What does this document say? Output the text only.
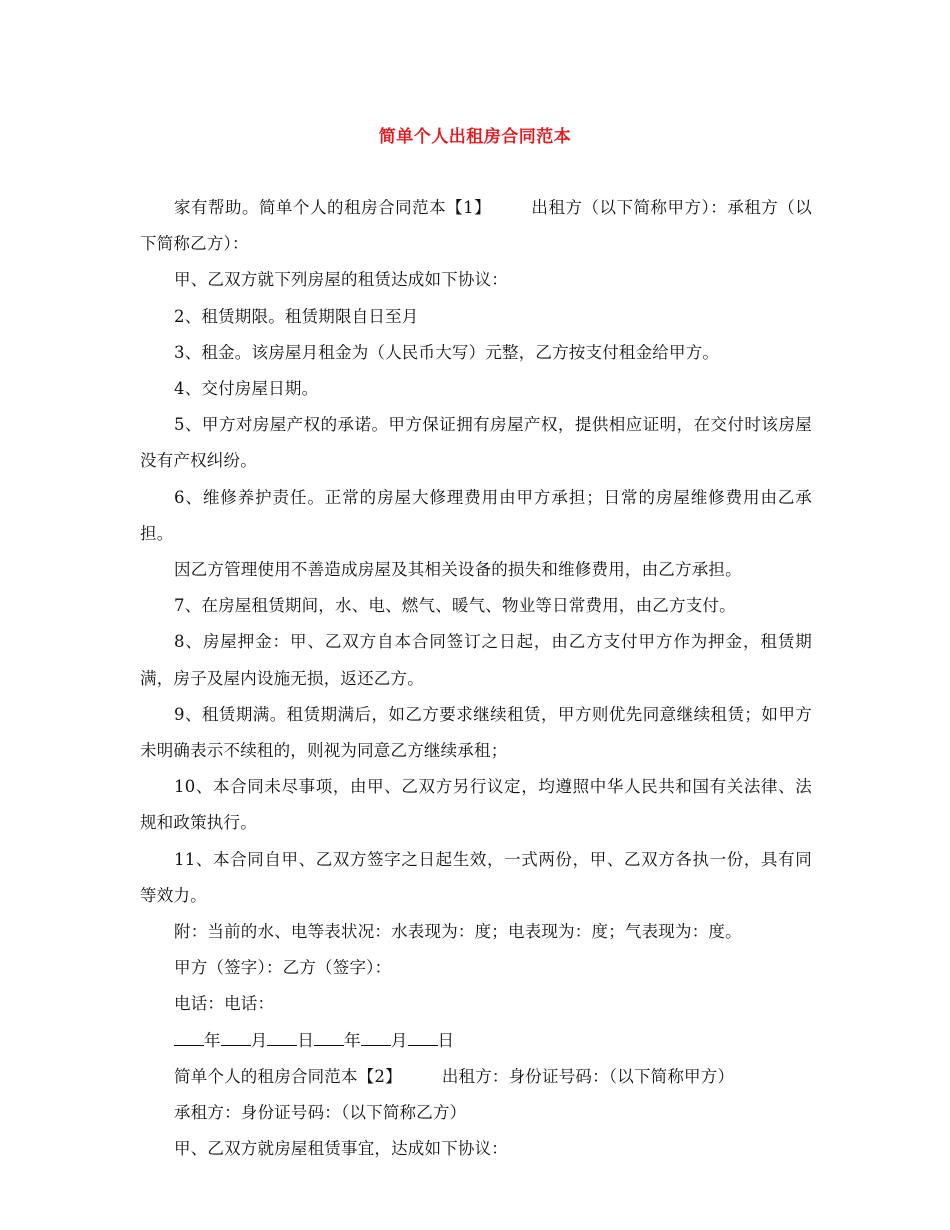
简单个人出租房合同范本

家有帮助。简单个人的租房合同范本【1】 出租方（以下简称甲方）：承租方（以下简称乙方）：

甲、乙双方就下列房屋的租赁达成如下协议：

2、租赁期限。租赁期限自日至月

3、租金。该房屋月租金为（人民币大写）元整，乙方按支付租金给甲方。

4、交付房屋日期。

5、甲方对房屋产权的承诺。甲方保证拥有房屋产权，提供相应证明，在交付时该房屋没有产权纠纷。

6、维修养护责任。正常的房屋大修理费用由甲方承担；日常的房屋维修费用由乙承担。

因乙方管理使用不善造成房屋及其相关设备的损失和维修费用，由乙方承担。

7、在房屋租赁期间，水、电、燃气、暖气、物业等日常费用，由乙方支付。

8、房屋押金：甲、乙双方自本合同签订之日起，由乙方支付甲方作为押金，租赁期满，房子及屋内设施无损，返还乙方。

9、租赁期满。租赁期满后，如乙方要求继续租赁，甲方则优先同意继续租赁；如甲方未明确表示不续租的，则视为同意乙方继续承租；

10、本合同未尽事项，由甲、乙双方另行议定，均遵照中华人民共和国有关法律、法规和政策执行。

11、本合同自甲、乙双方签字之日起生效，一式两份，甲、乙双方各执一份，具有同等效力。

附：当前的水、电等表状况：水表现为：度；电表现为：度；气表现为：度。

甲方（签字）：乙方（签字）：

电话：电话：

年 月 日 年 月 日

简单个人的租房合同范本【2】 出租方：身份证号码：（以下简称甲方）

承租方：身份证号码：（以下简称乙方）

甲、乙双方就房屋租赁事宜，达成如下协议：
